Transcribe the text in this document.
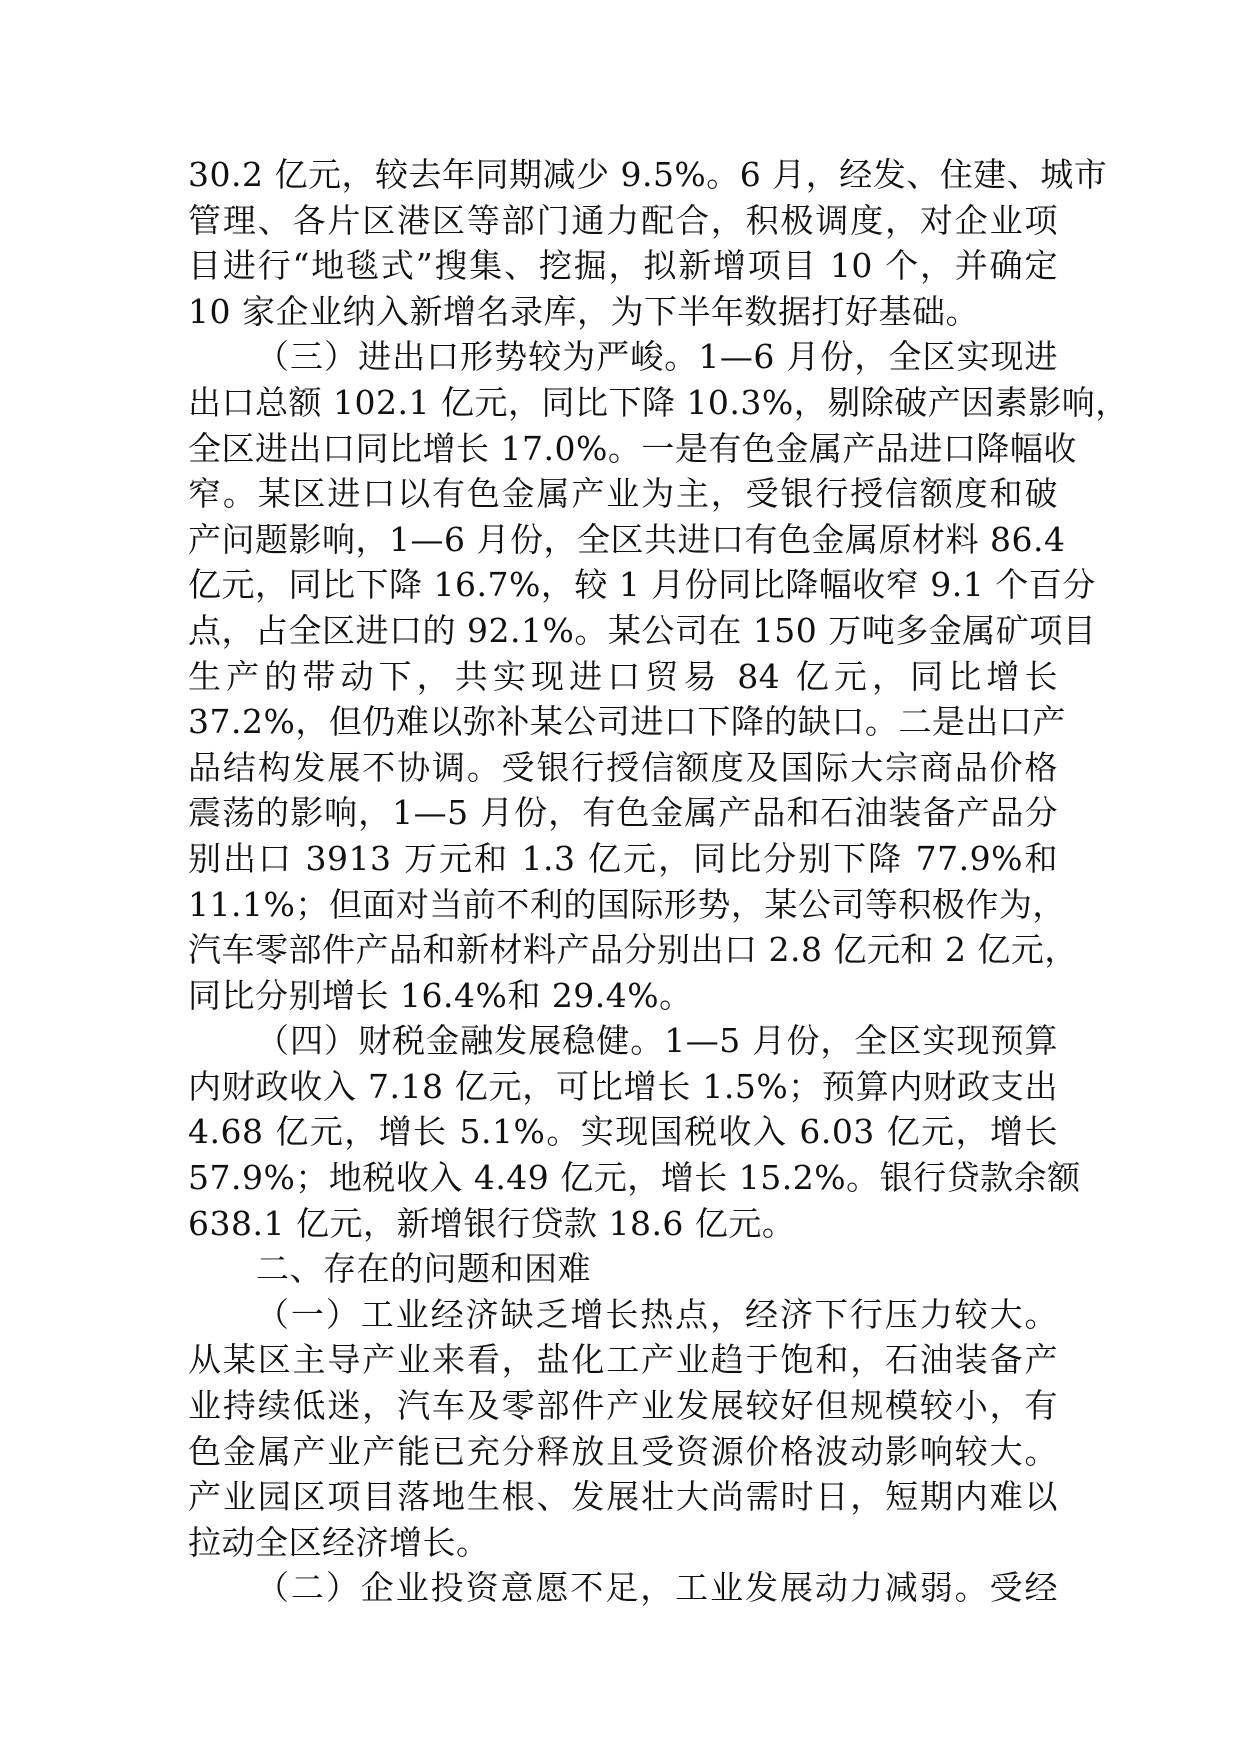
30.2 亿元，较去年同期减少 9.5%。6 月，经发、住建、城市
管理、各片区港区等部门通力配合，积极调度，对企业项
目进行“地毯式”搜集、挖掘，拟新增项目 10 个，并确定
10 家企业纳入新增名录库，为下半年数据打好基础。
（三）进出口形势较为严峻。1—6 月份，全区实现进
出口总额 102.1 亿元，同比下降 10.3%，剔除破产因素影响，
全区进出口同比增长 17.0%。一是有色金属产品进口降幅收
窄。某区进口以有色金属产业为主，受银行授信额度和破
产问题影响，1—6 月份，全区共进口有色金属原材料 86.4
亿元，同比下降 16.7%，较 1 月份同比降幅收窄 9.1 个百分
点，占全区进口的 92.1%。某公司在 150 万吨多金属矿项目
生产的带动下，共实现进口贸易 84 亿元，同比增长
37.2%，但仍难以弥补某公司进口下降的缺口。二是出口产
品结构发展不协调。受银行授信额度及国际大宗商品价格
震荡的影响，1—5 月份，有色金属产品和石油装备产品分
别出口 3913 万元和 1.3 亿元，同比分别下降 77.9%和
11.1%；但面对当前不利的国际形势，某公司等积极作为，
汽车零部件产品和新材料产品分别出口 2.8 亿元和 2 亿元，
同比分别增长 16.4%和 29.4%。
（四）财税金融发展稳健。1—5 月份，全区实现预算
内财政收入 7.18 亿元，可比增长 1.5%；预算内财政支出
4.68 亿元，增长 5.1%。实现国税收入 6.03 亿元，增长
57.9%；地税收入 4.49 亿元，增长 15.2%。银行贷款余额
638.1 亿元，新增银行贷款 18.6 亿元。
二、存在的问题和困难
（一）工业经济缺乏增长热点，经济下行压力较大。
从某区主导产业来看，盐化工产业趋于饱和，石油装备产
业持续低迷，汽车及零部件产业发展较好但规模较小，有
色金属产业产能已充分释放且受资源价格波动影响较大。
产业园区项目落地生根、发展壮大尚需时日，短期内难以
拉动全区经济增长。
（二）企业投资意愿不足，工业发展动力减弱。受经
